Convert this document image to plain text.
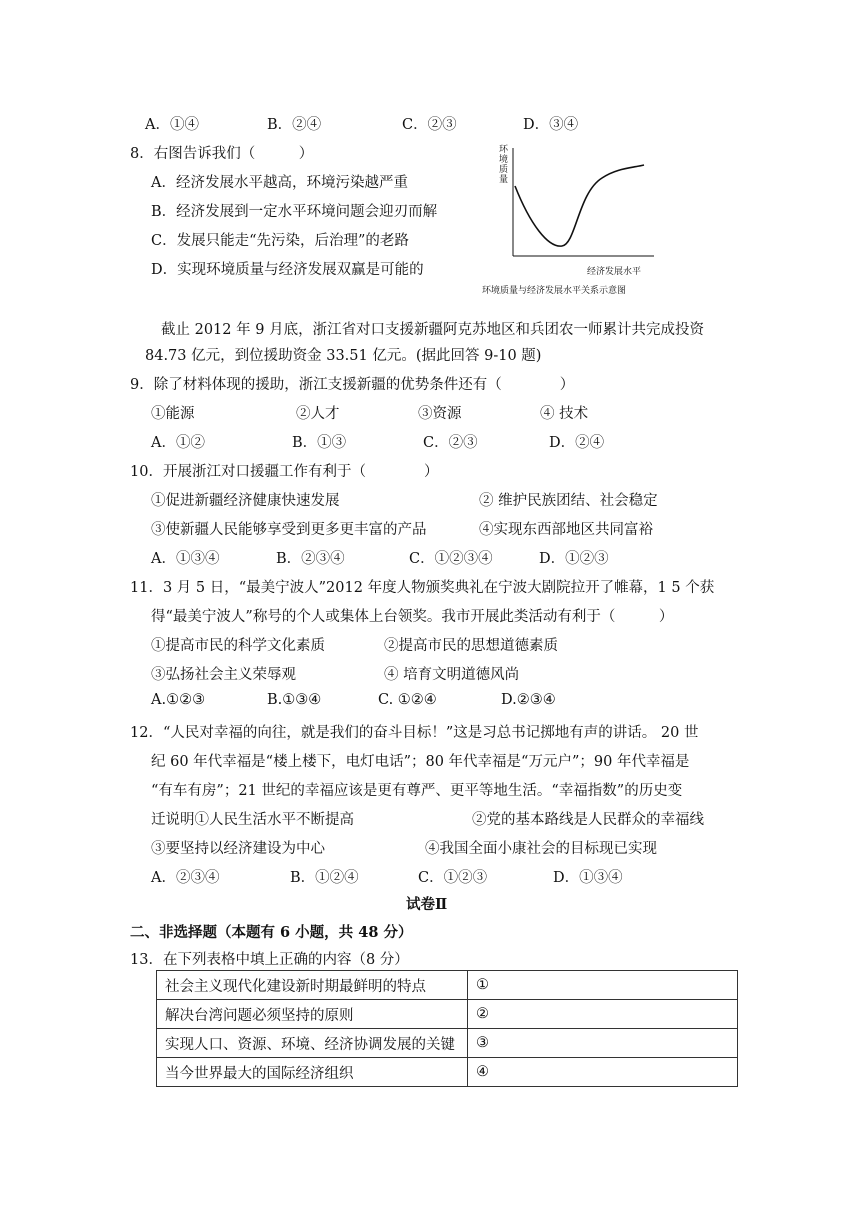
A．①④	B．②④	C．②③	D．③④
8．右图告诉我们（　　　）
A．经济发展水平越高，环境污染越严重
B．经济发展到一定水平环境问题会迎刃而解
C．发展只能走“先污染，后治理”的老路
D．实现环境质量与经济发展双赢是可能的
环
境
质
量
经济发展水平
环境质量与经济发展水平关系示意图
截止 2012 年 9 月底，浙江省对口支援新疆阿克苏地区和兵团农一师累计共完成投资
84.73 亿元，到位援助资金 33.51 亿元。(据此回答 9-10 题)
9．除了材料体现的援助，浙江支援新疆的优势条件还有（　　　　）
①能源	②人才	③资源	④ 技术
A．①②	B．①③	C．②③	D．②④
10．开展浙江对口援疆工作有利于（　　　　）
①促进新疆经济健康快速发展	② 维护民族团结、社会稳定
③使新疆人民能够享受到更多更丰富的产品	④实现东西部地区共同富裕
A．①③④	B．②③④	C．①②③④	D．①②③
11．3 月 5 日，“最美宁波人”2012 年度人物颁奖典礼在宁波大剧院拉开了帷幕，1 5 个获
得“最美宁波人”称号的个人或集体上台领奖。我市开展此类活动有利于（　　　）
①提高市民的科学文化素质	②提高市民的思想道德素质
③弘扬社会主义荣辱观	④ 培育文明道德风尚
A.①②③	B.①③④	C. ①②④	D.②③④
12．“人民对幸福的向往，就是我们的奋斗目标！”这是习总书记掷地有声的讲话。 20 世
纪 60 年代幸福是“楼上楼下，电灯电话”；80 年代幸福是“万元户”；90 年代幸福是
“有车有房”；21 世纪的幸福应该是更有尊严、更平等地生活。“幸福指数”的历史变
迁说明①人民生活水平不断提高	②党的基本路线是人民群众的幸福线
③要坚持以经济建设为中心	④我国全面小康社会的目标现已实现
A．②③④	B．①②④	C．①②③	D．①③④
试卷Ⅱ
二、非选择题（本题有 6 小题，共 48 分）
13．在下列表格中填上正确的内容（8 分）
社会主义现代化建设新时期最鲜明的特点	①
解决台湾问题必须坚持的原则	②
实现人口、资源、环境、经济协调发展的关键	③
当今世界最大的国际经济组织	④
